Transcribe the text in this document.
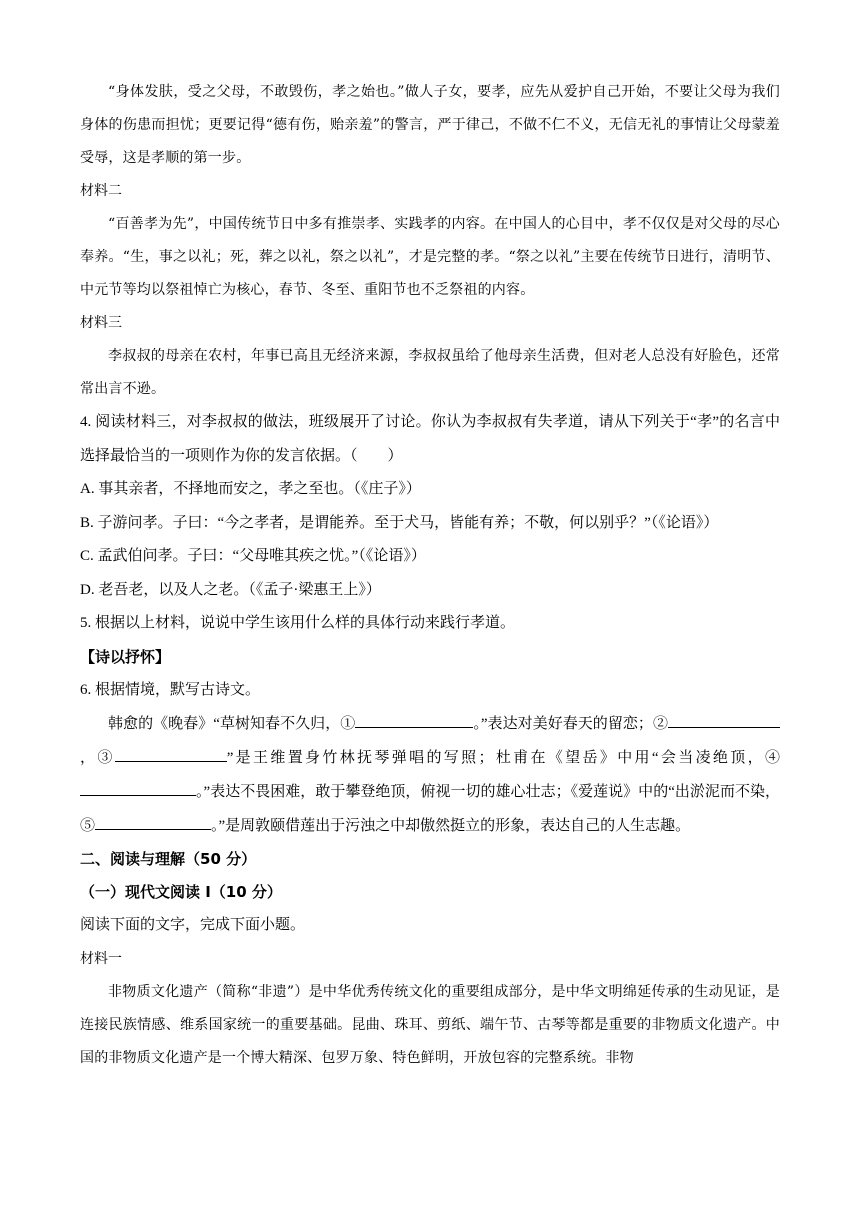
“身体发肤，受之父母，不敢毁伤，孝之始也。”做人子女，要孝，应先从爱护自己开始，不要让父母为我们身体的伤患而担忧；更要记得“德有伤，贻亲羞”的警言，严于律己，不做不仁不义，无信无礼的事情让父母蒙羞受辱，这是孝顺的第一步。

材料二

“百善孝为先”，中国传统节日中多有推崇孝、实践孝的内容。在中国人的心目中，孝不仅仅是对父母的尽心奉养。“生，事之以礼；死，葬之以礼，祭之以礼”，才是完整的孝。“祭之以礼”主要在传统节日进行，清明节、中元节等均以祭祖悼亡为核心，春节、冬至、重阳节也不乏祭祖的内容。

材料三

李叔叔的母亲在农村，年事已高且无经济来源，李叔叔虽给了他母亲生活费，但对老人总没有好脸色，还常常出言不逊。

4. 阅读材料三，对李叔叔的做法，班级展开了讨论。你认为李叔叔有失孝道，请从下列关于“孝”的名言中选择最恰当的一项则作为你的发言依据。（　　）

A. 事其亲者，不择地而安之，孝之至也。（《庄子》）

B. 子游问孝。子曰：“今之孝者，是谓能养。至于犬马，皆能有养；不敬，何以别乎？”（《论语》）

C. 孟武伯问孝。子曰：“父母唯其疾之忧。”（《论语》）

D. 老吾老，以及人之老。（《孟子·梁惠王上》）

5. 根据以上材料，说说中学生该用什么样的具体行动来践行孝道。

【诗以抒怀】

6. 根据情境，默写古诗文。

韩愈的《晚春》“草树知春不久归，①	。”表达对美好春天的留恋；②，③	”是王维置身竹林抚琴弹唱的写照；杜甫在《望岳》中用“会当凌绝顶，④。”表达不畏困难，敢于攀登绝顶，俯视一切的雄心壮志；《爱莲说》中的“出淤泥而不染，⑤	。”是周敦颐借莲出于污浊之中却傲然挺立的形象，表达自己的人生志趣。

二、阅读与理解（50 分）

（一）现代文阅读 I（10 分）

阅读下面的文字，完成下面小题。

材料一

非物质文化遗产（简称“非遗”）是中华优秀传统文化的重要组成部分，是中华文明绵延传承的生动见证，是连接民族情感、维系国家统一的重要基础。昆曲、珠耳、剪纸、端午节、古琴等都是重要的非物质文化遗产。中国的非物质文化遗产是一个博大精深、包罗万象、特色鲜明，开放包容的完整系统。非物
